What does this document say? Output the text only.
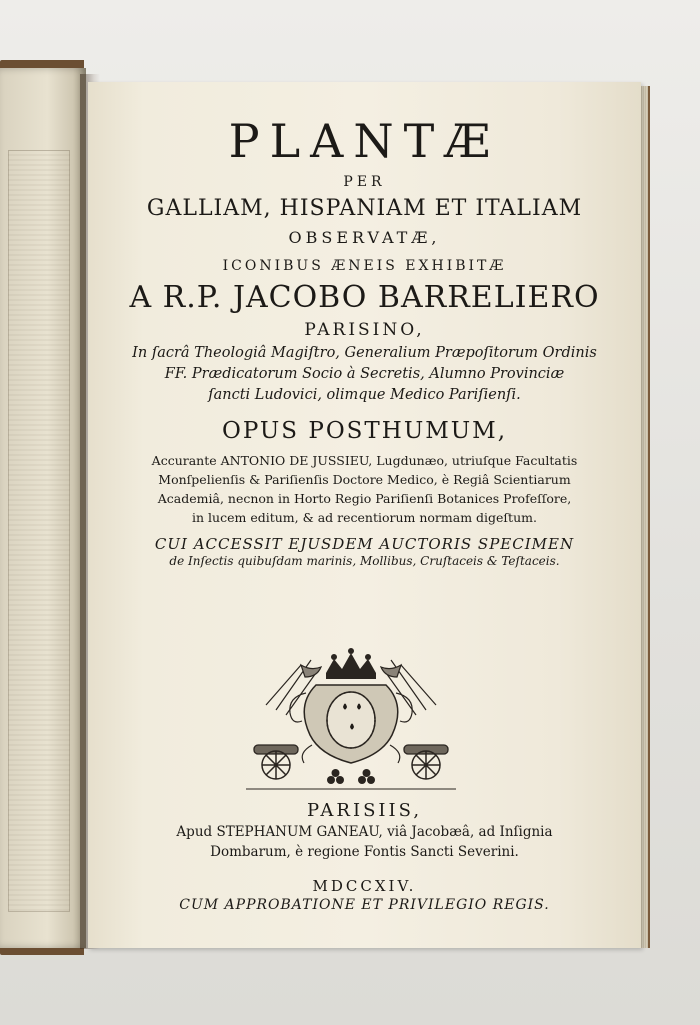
PLANTÆ
PER
GALLIAM, HISPANIAM ET ITALIAM
OBSERVATÆ,
ICONIBUS ÆNEIS EXHIBITÆ
A R.P. JACOBO BARRELIERO
PARISINO,
In ſacrâ Theologiâ Magiſtro, Generalium Præpoſitorum Ordinis
FF. Prædicatorum Socio à Secretis, Alumno Provinciæ
ſancti Ludovici, olimque Medico Pariſienſi.
OPUS POSTHUMUM,
Accurante ANTONIO DE JUSSIEU, Lugdunæo, utriuſque Facultatis
Monſpelienſis & Pariſienſis Doctore Medico, è Regiâ Scientiarum
Academiâ, necnon in Horto Regio Pariſienſi Botanices Profeſſore,
in lucem editum, & ad recentiorum normam digeſtum.
CUI ACCESSIT EJUSDEM AUCTORIS SPECIMEN
de Inſectis quibuſdam marinis, Mollibus, Cruſtaceis & Teſtaceis.
PARISIIS,
Apud STEPHANUM GANEAU, viâ Jacobæâ, ad Inſignia
Dombarum, è regione Fontis Sancti Severini.
MDCCXIV.
CUM APPROBATIONE ET PRIVILEGIO REGIS.
